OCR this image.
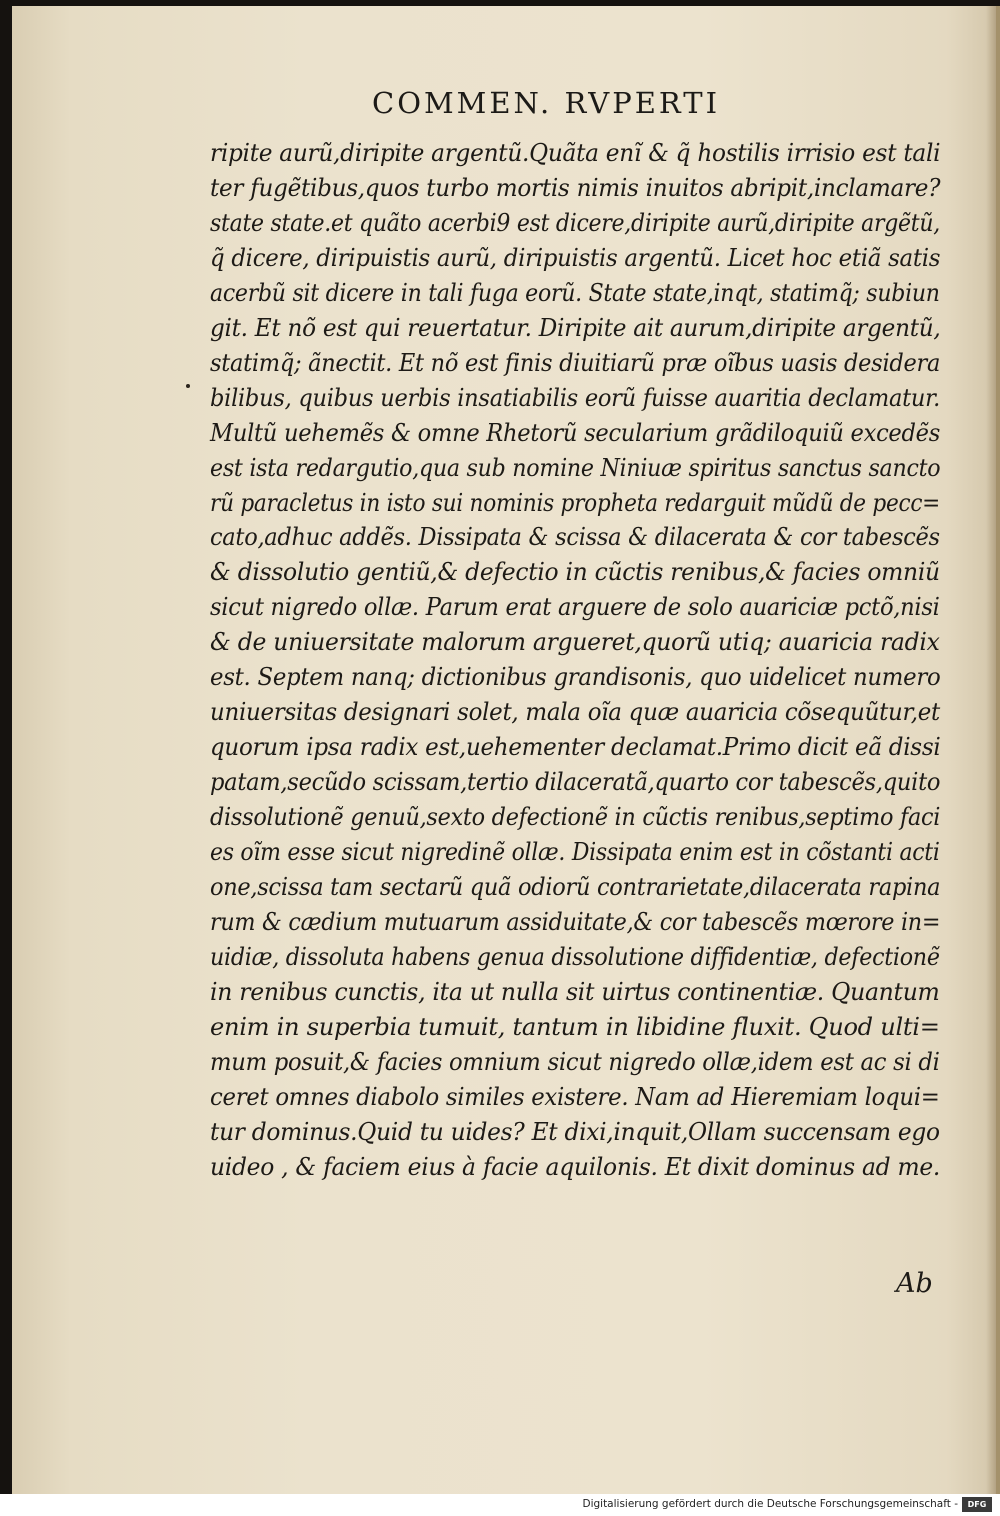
COMMEN. RVPERTI
ripite aurũ,diripite argentũ.Quãta enĩ & q̃ hostilis irrisio est tali
ter fugẽtibus,quos turbo mortis nimis inuitos abripit,inclamare?
state state.et quãto acerbi9 est dicere,diripite aurũ,diripite argẽtũ,
q̃ dicere, diripuistis aurũ, diripuistis argentũ. Licet hoc etiã satis
acerbũ sit dicere in tali fuga eorũ. State state,inqt, statimq̃; subiun
git. Et nõ est qui reuertatur. Diripite ait aurum,diripite argentũ,
statimq̃; ãnectit. Et nõ est finis diuitiarũ præ oĩbus uasis desidera
bilibus, quibus uerbis insatiabilis eorũ fuisse auaritia declamatur.
Multũ uehemẽs & omne Rhetorũ secularium grãdiloquiũ excedẽs
est ista redargutio,qua sub nomine Niniuæ spiritus sanctus sancto
rũ paracletus in isto sui nominis propheta redarguit mũdũ de pecc=
cato,adhuc addẽs. Dissipata & scissa & dilacerata & cor tabescẽs
& dissolutio gentiũ,& defectio in cũctis renibus,& facies omniũ
sicut nigredo ollæ. Parum erat arguere de solo auariciæ pctõ,nisi
& de uniuersitate malorum argueret,quorũ utiq; auaricia radix
est. Septem nanq; dictionibus grandisonis, quo uidelicet numero
uniuersitas designari solet, mala oĩa quæ auaricia cõsequũtur,et
quorum ipsa radix est,uehementer declamat.Primo dicit eã dissi
patam,secũdo scissam,tertio dilaceratã,quarto cor tabescẽs,quito
dissolutionẽ genuũ,sexto defectionẽ in cũctis renibus,septimo faci
es oĩm esse sicut nigredinẽ ollæ. Dissipata enim est in cõstanti acti
one,scissa tam sectarũ quã odiorũ contrarietate,dilacerata rapina
rum & cædium mutuarum assiduitate,& cor tabescẽs mœrore in=
uidiæ, dissoluta habens genua dissolutione diffidentiæ, defectionẽ
in renibus cunctis, ita ut nulla sit uirtus continentiæ. Quantum
enim in superbia tumuit, tantum in libidine fluxit. Quod ulti=
mum posuit,& facies omnium sicut nigredo ollæ,idem est ac si di
ceret omnes diabolo similes existere. Nam ad Hieremiam loqui=
tur dominus.Quid tu uides? Et dixi,inquit,Ollam succensam ego
uideo , & faciem eius à facie aquilonis. Et dixit dominus ad me.
Ab
Digitalisierung gefördert durch die Deutsche Forschungsgemeinschaft -	DFG
